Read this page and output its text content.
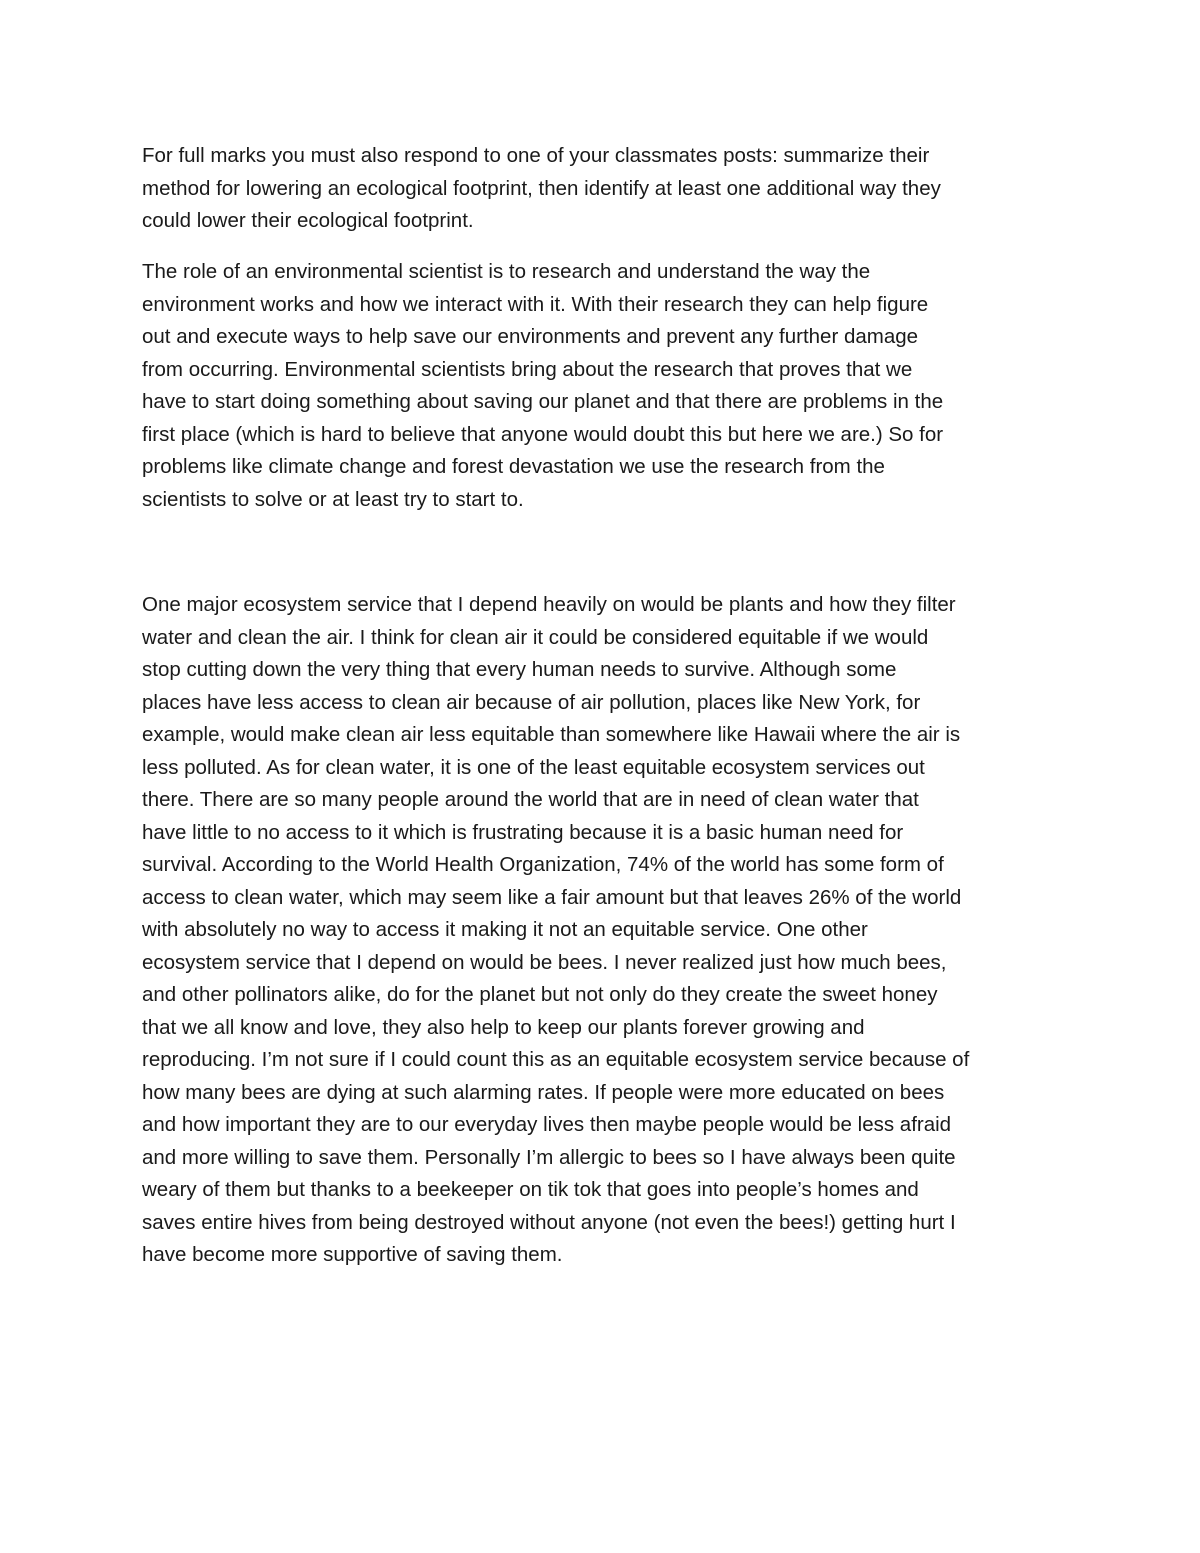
For full marks you must also respond to one of your classmates posts: summarize their

method for lowering an ecological footprint, then identify at least one additional way they

could lower their ecological footprint.

The role of an environmental scientist is to research and understand the way the

environment works and how we interact with it. With their research they can help figure

out and execute ways to help save our environments and prevent any further damage

from occurring. Environmental scientists bring about the research that proves that we

have to start doing something about saving our planet and that there are problems in the

first place (which is hard to believe that anyone would doubt this but here we are.) So for

problems like climate change and forest devastation we use the research from the

scientists to solve or at least try to start to.

One major ecosystem service that I depend heavily on would be plants and how they filter

water and clean the air. I think for clean air it could be considered equitable if we would

stop cutting down the very thing that every human needs to survive. Although some

places have less access to clean air because of air pollution, places like New York, for

example, would make clean air less equitable than somewhere like Hawaii where the air is

less polluted. As for clean water, it is one of the least equitable ecosystem services out

there. There are so many people around the world that are in need of clean water that

have little to no access to it which is frustrating because it is a basic human need for

survival. According to the World Health Organization, 74% of the world has some form of

access to clean water, which may seem like a fair amount but that leaves 26% of the world

with absolutely no way to access it making it not an equitable service. One other

ecosystem service that I depend on would be bees. I never realized just how much bees,

and other pollinators alike, do for the planet but not only do they create the sweet honey

that we all know and love, they also help to keep our plants forever growing and

reproducing. I’m not sure if I could count this as an equitable ecosystem service because of

how many bees are dying at such alarming rates. If people were more educated on bees

and how important they are to our everyday lives then maybe people would be less afraid

and more willing to save them. Personally I’m allergic to bees so I have always been quite

weary of them but thanks to a beekeeper on tik tok that goes into people’s homes and

saves entire hives from being destroyed without anyone (not even the bees!) getting hurt I

have become more supportive of saving them.
